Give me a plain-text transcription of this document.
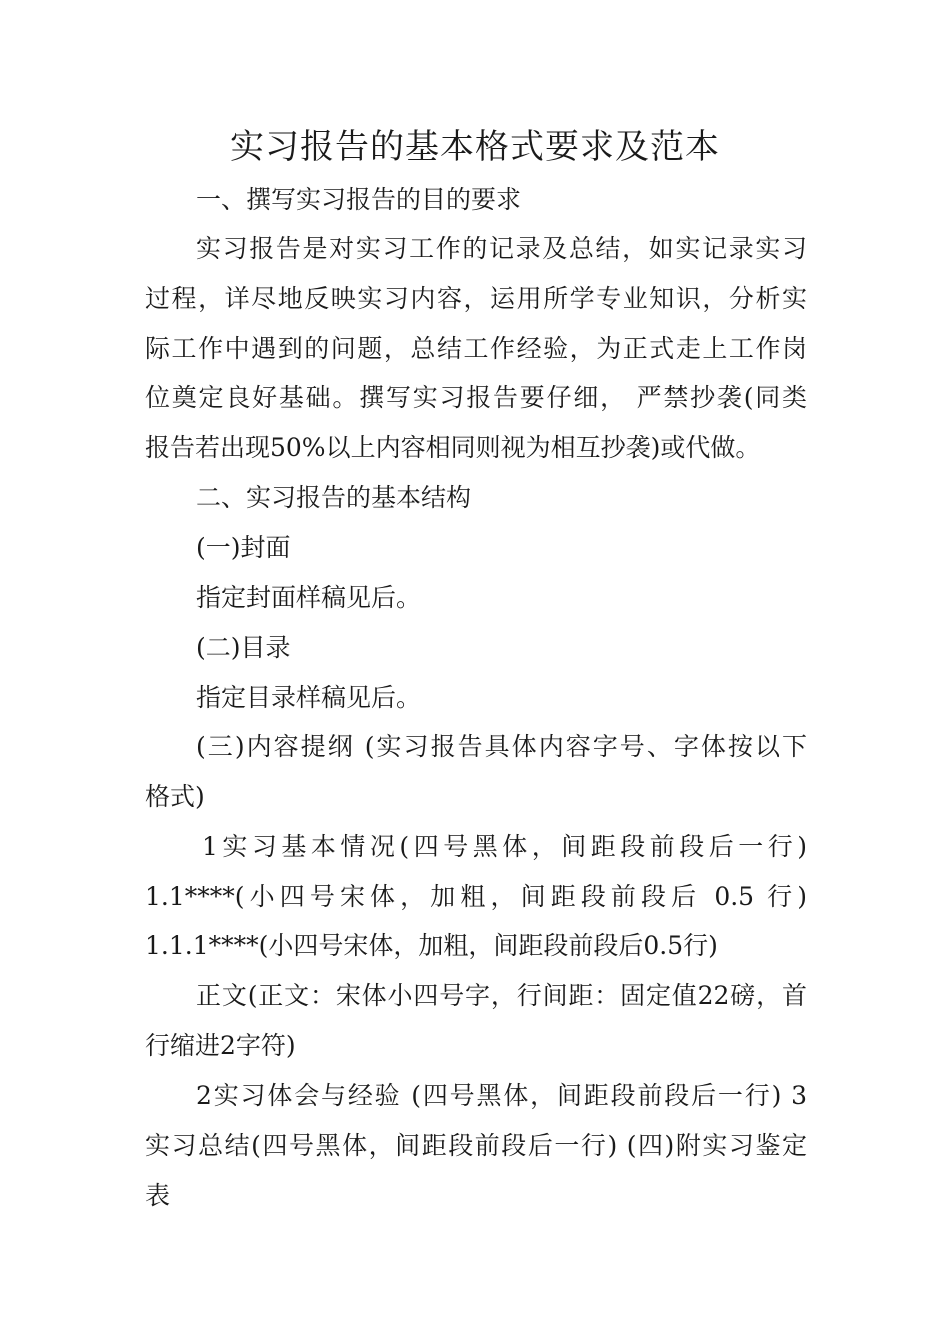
实习报告的基本格式要求及范本
一、撰写实习报告的目的要求
实习报告是对实习工作的记录及总结，如实记录实习
过程，详尽地反映实习内容，运用所学专业知识，分析实
际工作中遇到的问题，总结工作经验，为正式走上工作岗
位奠定良好基础。撰写实习报告要仔细， 严禁抄袭(同类
报告若出现50%以上内容相同则视为相互抄袭)或代做。
二、实习报告的基本结构
(一)封面
指定封面样稿见后。
(二)目录
指定目录样稿见后。
(三)内容提纲 (实习报告具体内容字号、字体按以下
格式)
1实习基本情况(四号黑体，间距段前段后一行)
1.1****(小四号宋体，加粗，间距段前段后 0.5 行)
1.1.1****(小四号宋体，加粗，间距段前段后0.5行)
正文(正文：宋体小四号字，行间距：固定值22磅，首
行缩进2字符)
2实习体会与经验 (四号黑体，间距段前段后一行) 3
实习总结(四号黑体，间距段前段后一行) (四)附实习鉴定
表
